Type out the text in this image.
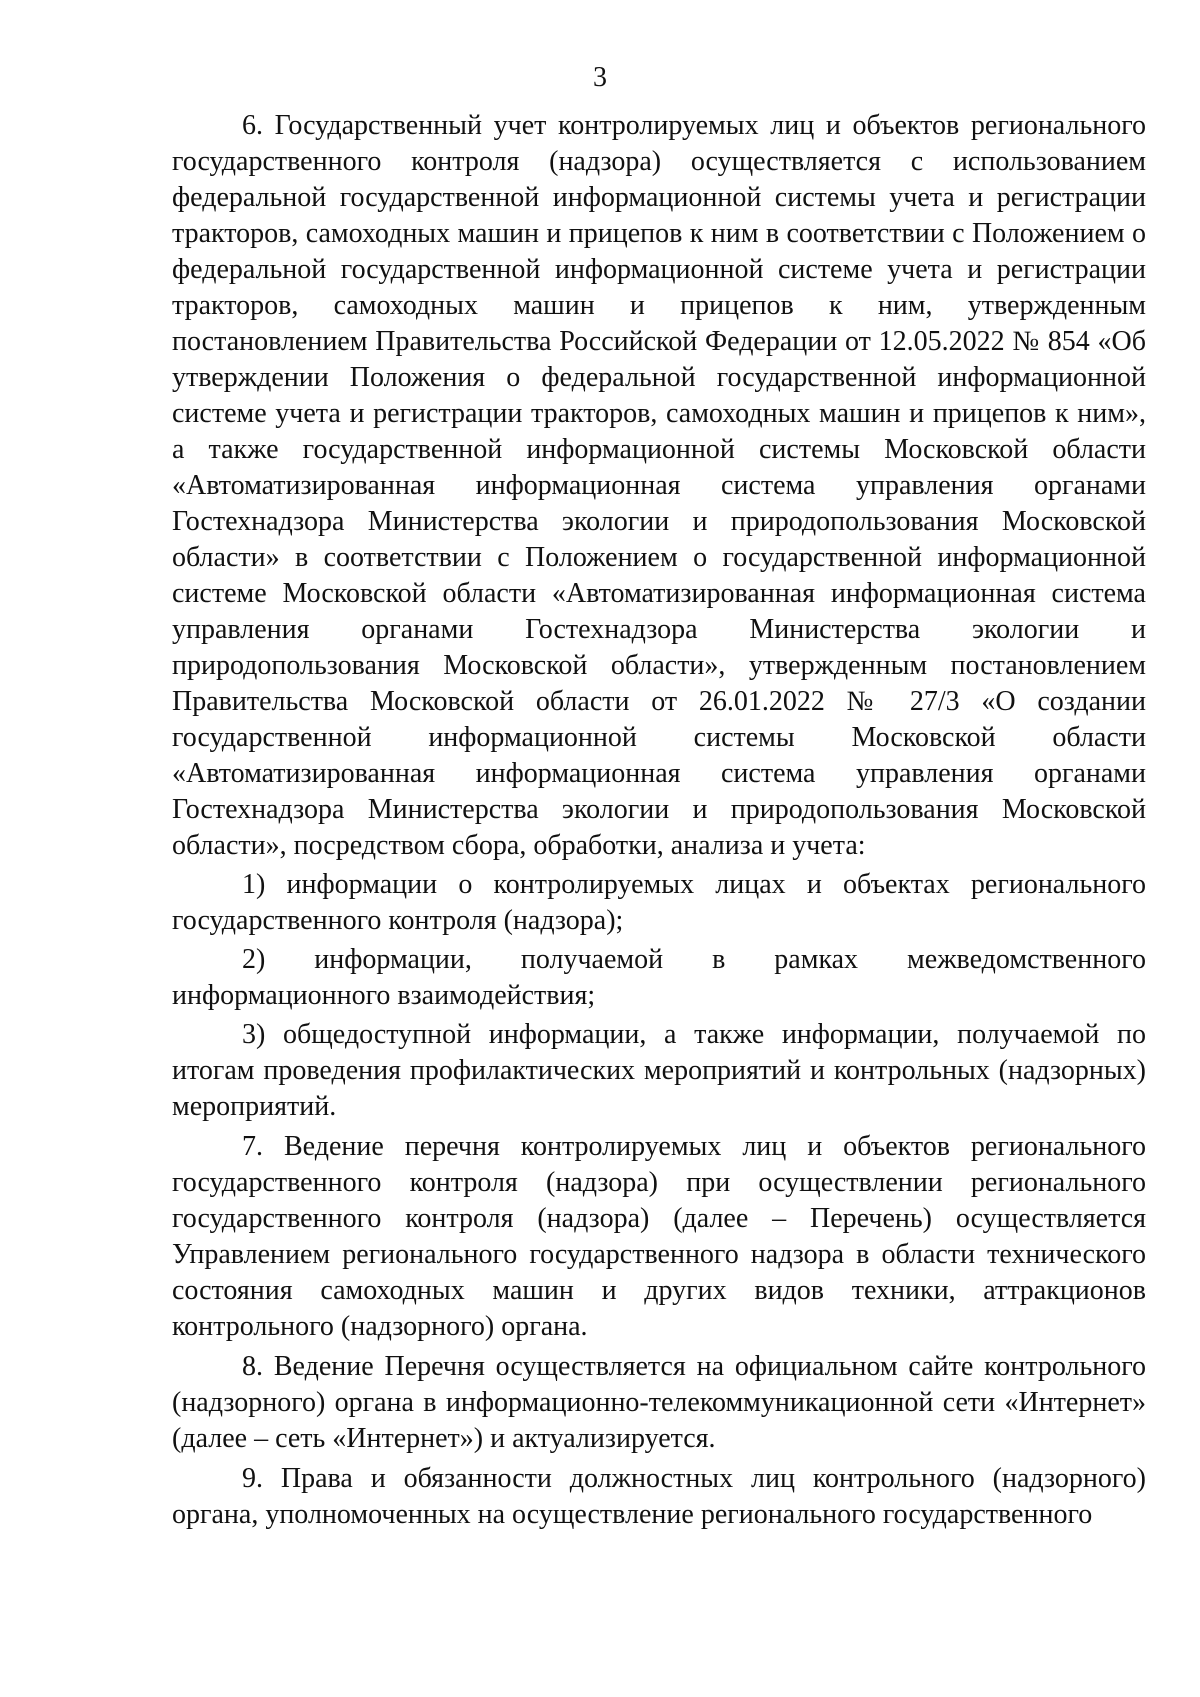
3

6. Государственный учет контролируемых лиц и объектов регионального государственного контроля (надзора) осуществляется с использованием федеральной государственной информационной системы учета и регистрации тракторов, самоходных машин и прицепов к ним в соответствии с Положением о федеральной государственной информационной системе учета и регистрации тракторов, самоходных машин и прицепов к ним, утвержденным постановлением Правительства Российской Федерации от 12.05.2022 № 854 «Об утверждении Положения о федеральной государственной информационной системе учета и регистрации тракторов, самоходных машин и прицепов к ним», а также государственной информационной системы Московской области «Автоматизированная информационная система управления органами Гостехнадзора Министерства экологии и природопользования Московской области» в соответствии с Положением о государственной информационной системе Московской области «Автоматизированная информационная система управления органами Гостехнадзора Министерства экологии и природопользования Московской области», утвержденным постановлением Правительства Московской области от 26.01.2022 № 27/3 «О создании государственной информационной системы Московской области «Автоматизированная информационная система управления органами Гостехнадзора Министерства экологии и природопользования Московской области», посредством сбора, обработки, анализа и учета:

1) информации о контролируемых лицах и объектах регионального государственного контроля (надзора);

2) информации, получаемой в рамках межведомственного информационного взаимодействия;

3) общедоступной информации, а также информации, получаемой по итогам проведения профилактических мероприятий и контрольных (надзорных) мероприятий.

7. Ведение перечня контролируемых лиц и объектов регионального государственного контроля (надзора) при осуществлении регионального государственного контроля (надзора) (далее – Перечень) осуществляется Управлением регионального государственного надзора в области технического состояния самоходных машин и других видов техники, аттракционов контрольного (надзорного) органа.

8. Ведение Перечня осуществляется на официальном сайте контрольного (надзорного) органа в информационно-телекоммуникационной сети «Интернет» (далее – сеть «Интернет») и актуализируется.

9. Права и обязанности должностных лиц контрольного (надзорного) органа, уполномоченных на осуществление регионального государственного
